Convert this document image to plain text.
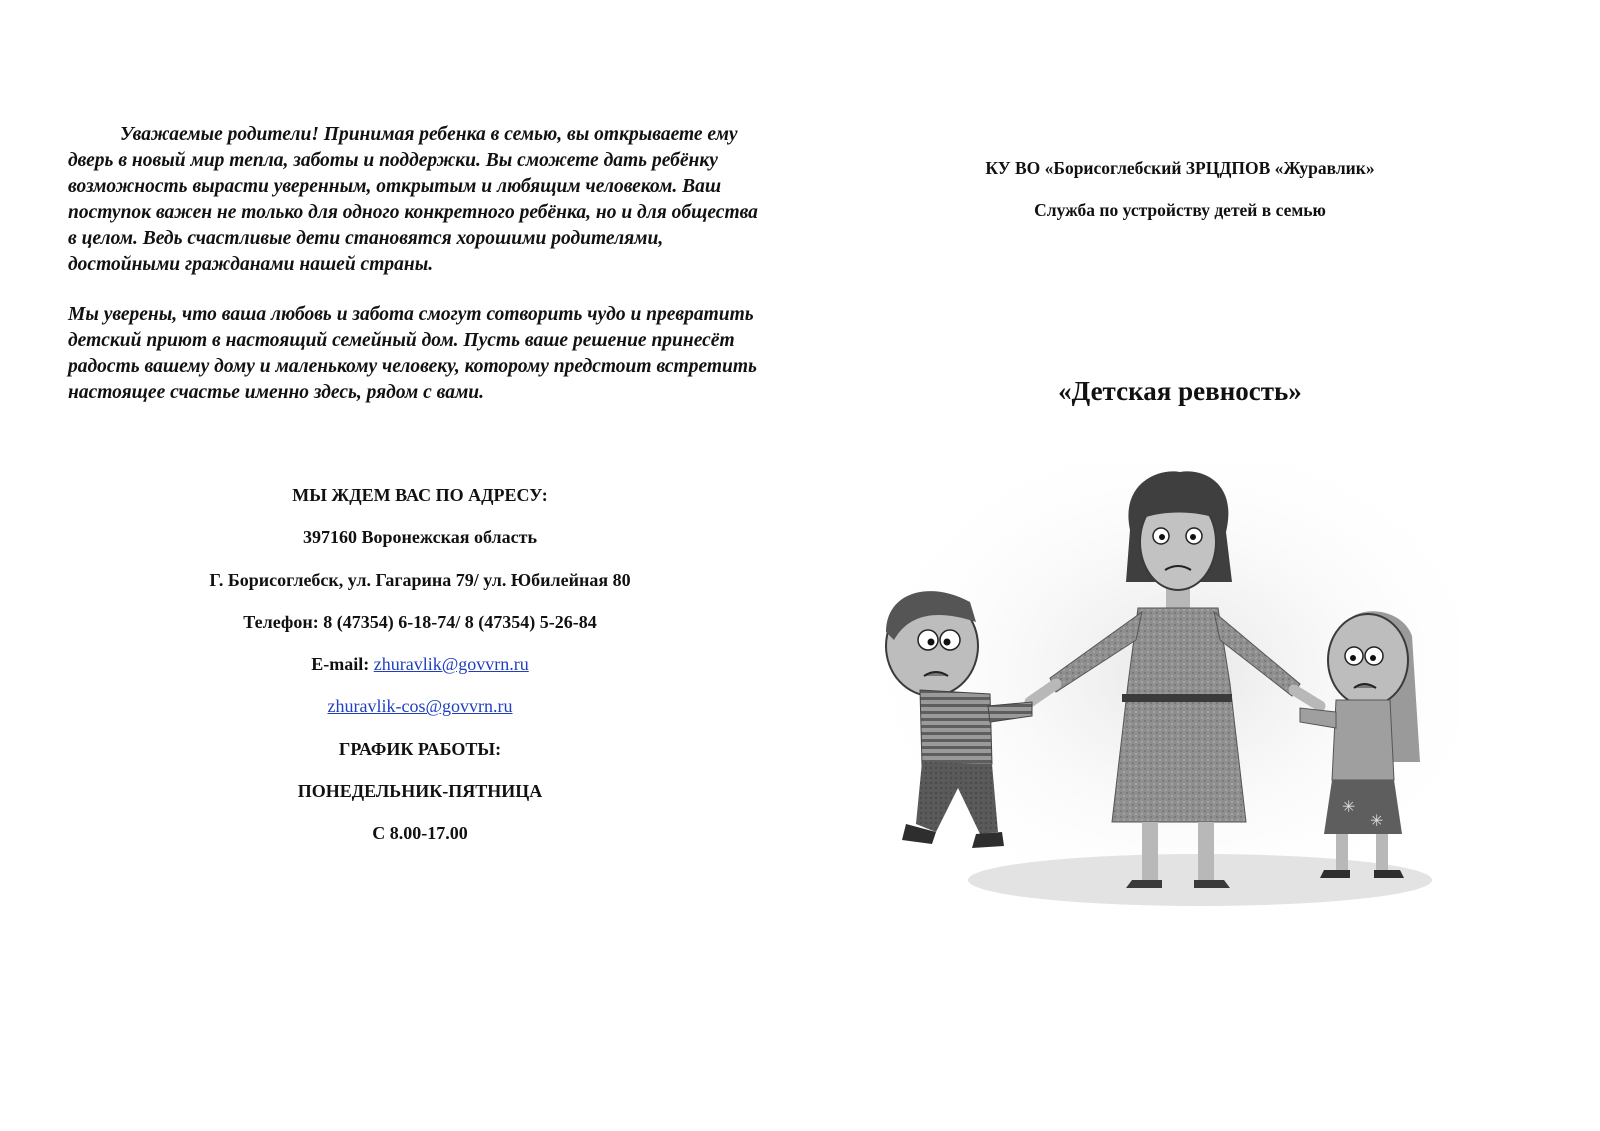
Уважаемые родители! Принимая ребенка в семью, вы открываете ему дверь в новый мир тепла, заботы и поддержки. Вы сможете дать ребёнку возможность вырасти уверенным, открытым и любящим человеком. Ваш поступок важен не только для одного конкретного ребёнка, но и для общества в целом. Ведь счастливые дети становятся хорошими родителями, достойными гражданами нашей страны.

Мы уверены, что ваша любовь и забота смогут сотворить чудо и превратить детский приют в настоящий семейный дом. Пусть ваше решение принесёт радость вашему дому и маленькому человеку, которому предстоит встретить настоящее счастье именно здесь, рядом с вами.

МЫ ЖДЕМ ВАС ПО АДРЕСУ:
397160 Воронежская область
Г. Борисоглебск, ул. Гагарина 79/ ул. Юбилейная 80
Телефон: 8 (47354) 6-18-74/ 8 (47354) 5-26-84
E-mail: zhuravlik@govvrn.ru
zhuravlik-cos@govvrn.ru
ГРАФИК РАБОТЫ:
ПОНЕДЕЛЬНИК-ПЯТНИЦА
С 8.00-17.00
КУ ВО «Борисоглебский ЗРЦДПОВ «Журавлик»
Служба по устройству детей в семью
«Детская ревность»
✳
✳
